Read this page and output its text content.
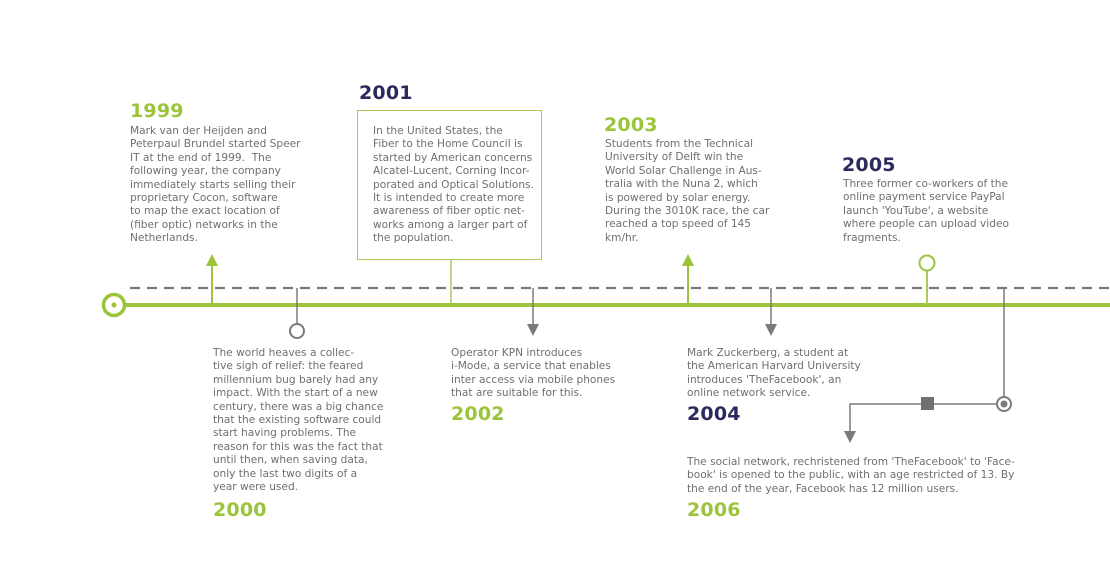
1999
Mark van der Heijden and
Peterpaul Brundel started Speer
IT at the end of 1999.  The
following year, the company
immediately starts selling their
proprietary Cocon, software
to map the exact location of
(fiber optic) networks in the
Netherlands.
2001
In the United States, the
Fiber to the Home Council is
started by American concerns
Alcatel-Lucent, Corning Incor-
porated and Optical Solutions.
It is intended to create more
awareness of fiber optic net-
works among a larger part of
the population.
2003
Students from the Technical
University of Delft win the
World Solar Challenge in Aus-
tralia with the Nuna 2, which
is powered by solar energy.
During the 3010K race, the car
reached a top speed of 145
km/hr.
2005
Three former co-workers of the
online payment service PayPal
launch 'YouTube', a website
where people can upload video
fragments.
The world heaves a collec-
tive sigh of relief: the feared
millennium bug barely had any
impact. With the start of a new
century, there was a big chance
that the existing software could
start having problems. The
reason for this was the fact that
until then, when saving data,
only the last two digits of a
year were used.
2000
Operator KPN introduces
i-Mode, a service that enables
inter access via mobile phones
that are suitable for this.
2002
Mark Zuckerberg, a student at
the American Harvard University
introduces 'TheFacebook', an
online network service.
2004
The social network, rechristened from 'TheFacebook' to 'Face-
book' is opened to the public, with an age restricted of 13. By
the end of the year, Facebook has 12 million users.
2006
